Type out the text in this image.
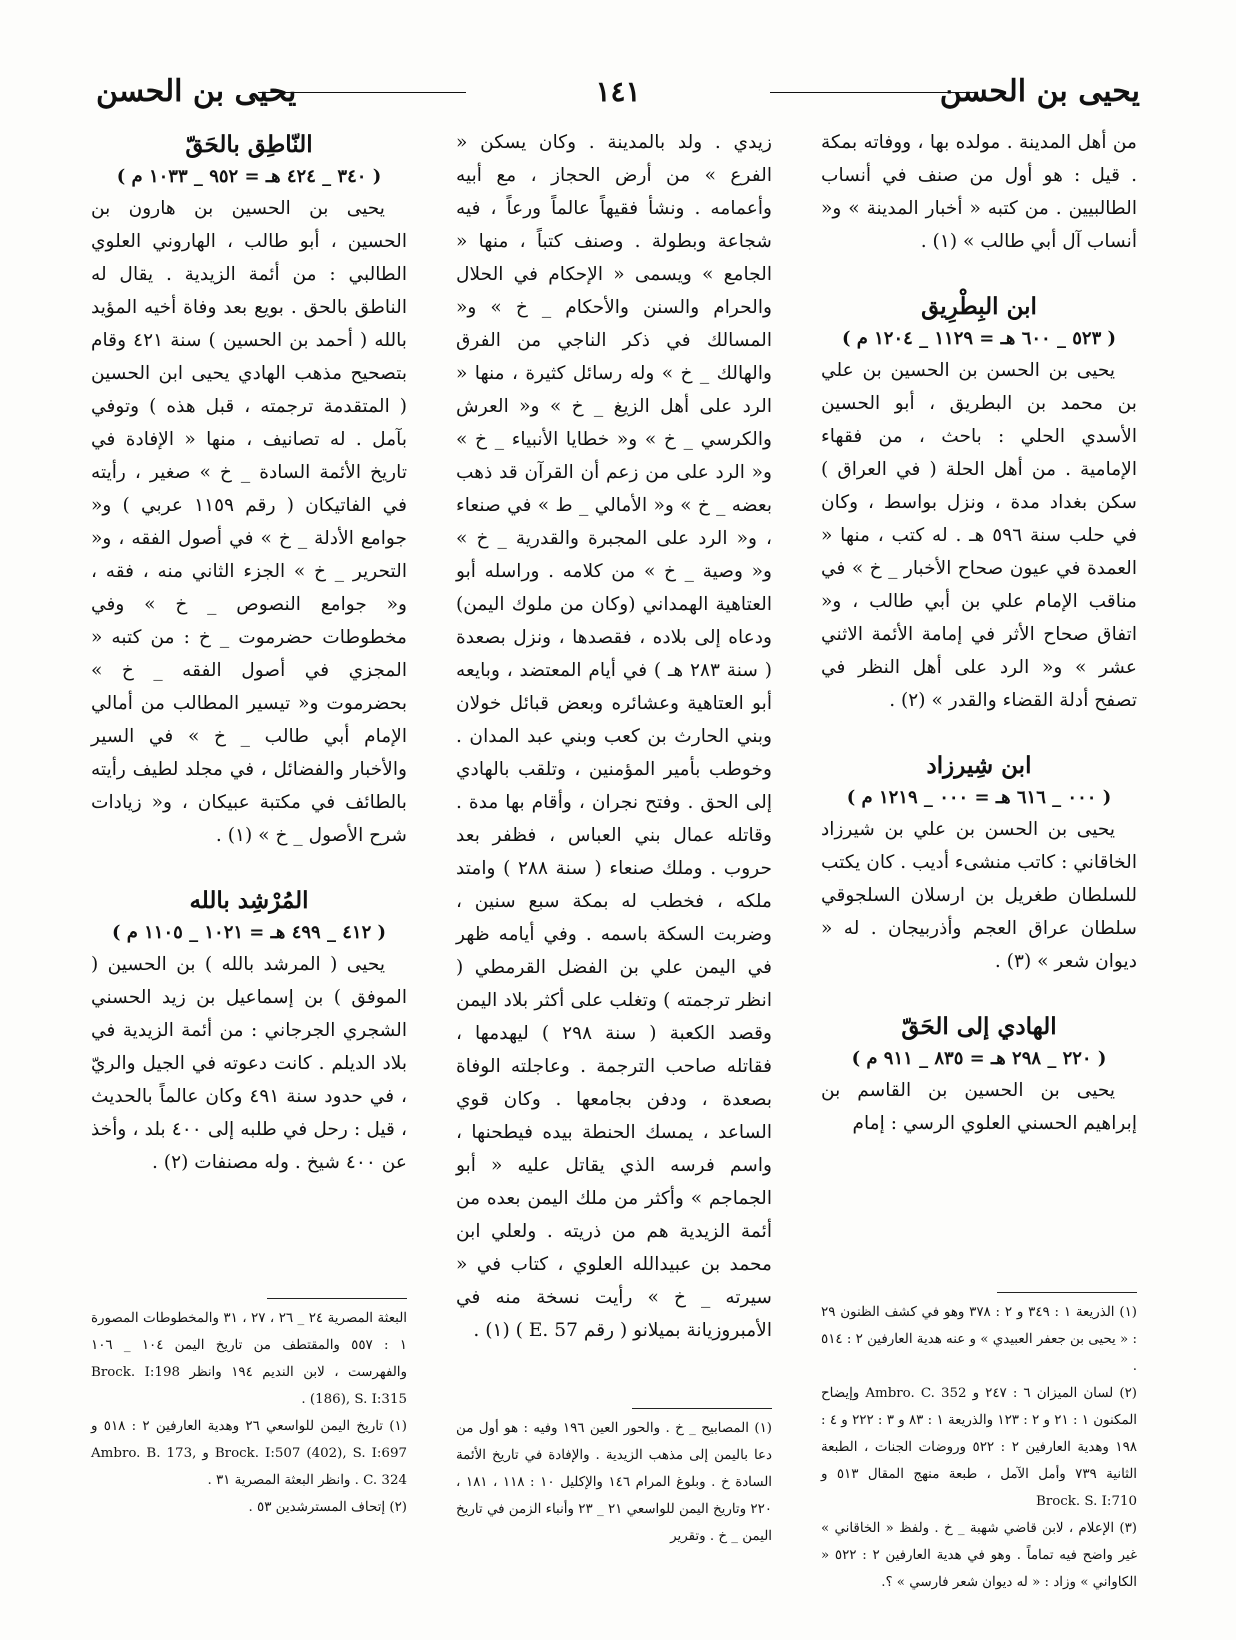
يحيى بن الحسن
١٤١
يحيى بن الحسن

من أهل المدينة . مولده بها ، ووفاته بمكة . قيل : هو أول من صنف في أنساب الطالبيين . من كتبه « أخبار المدينة » و« أنساب آل أبي طالب » (١) .

ابن البِطْرِيق

( ٥٢٣ _ ٦٠٠ هـ = ١١٢٩ _ ١٢٠٤ م )

يحيى بن الحسن بن الحسين بن علي بن محمد بن البطريق ، أبو الحسين الأسدي الحلي : باحث ، من فقهاء الإمامية . من أهل الحلة ( في العراق ) سكن بغداد مدة ، ونزل بواسط ، وكان في حلب سنة ٥٩٦ هـ . له كتب ، منها « العمدة في عيون صحاح الأخبار _ خ » في مناقب الإمام علي بن أبي طالب ، و« اتفاق صحاح الأثر في إمامة الأئمة الاثني عشر » و« الرد على أهل النظر في تصفح أدلة القضاء والقدر » (٢) .

ابن شِيرزاد

( ٠٠٠ _ ٦١٦ هـ = ٠٠٠ _ ١٢١٩ م )

يحيى بن الحسن بن علي بن شيرزاد الخاقاني : كاتب منشىء أديب . كان يكتب للسلطان طغريل بن ارسلان السلجوقي سلطان عراق العجم وأذربيجان . له « ديوان شعر » (٣) .

الهادي إلى الحَقّ

( ٢٢٠ _ ٢٩٨ هـ = ٨٣٥ _ ٩١١ م )

يحيى بن الحسين بن القاسم بن إبراهيم الحسني العلوي الرسي : إمام

(١) الذريعة ١ : ٣٤٩ و ٢ : ٣٧٨ وهو في كشف الظنون ٢٩ : « يحيى بن جعفر العبيدي » و عنه هدية العارفين ٢ : ٥١٤ .

(٢) لسان الميزان ٦ : ٢٤٧ و Ambro. C. 352 وإيضاح المكنون ١ : ٢١ و ٢ : ١٢٣ والذريعة ١ : ٨٣ و ٣ : ٢٢٢ و ٤ : ١٩٨ وهدية العارفين ٢ : ٥٢٢ وروضات الجنات ، الطبعة الثانية ٧٣٩ وأمل الآمل ، طبعة منهج المقال ٥١٣ و Brock. S. I:710

(٣) الإعلام ، لابن قاضي شهبة _ خ . ولفظ « الخاقاني » غير واضح فيه تماماً . وهو في هدية العارفين ٢ : ٥٢٢ « الكاواني » وزاد : « له ديوان شعر فارسي » ؟.

زيدي . ولد بالمدينة . وكان يسكن « الفرع » من أرض الحجاز ، مع أبيه وأعمامه . ونشأ فقيهاً عالماً ورعاً ، فيه شجاعة وبطولة . وصنف كتباً ، منها « الجامع » ويسمى « الإحكام في الحلال والحرام والسنن والأحكام _ خ » و« المسالك في ذكر الناجي من الفرق والهالك _ خ » وله رسائل كثيرة ، منها « الرد على أهل الزيغ _ خ » و« العرش والكرسي _ خ » و« خطايا الأنبياء _ خ » و« الرد على من زعم أن القرآن قد ذهب بعضه _ خ » و« الأمالي _ ط » في صنعاء ، و« الرد على المجبرة والقدرية _ خ » و« وصية _ خ » من كلامه . وراسله أبو العتاهية الهمداني (وكان من ملوك اليمن) ودعاه إلى بلاده ، فقصدها ، ونزل بصعدة ( سنة ٢٨٣ هـ ) في أيام المعتضد ، وبايعه أبو العتاهية وعشائره وبعض قبائل خولان وبني الحارث بن كعب وبني عبد المدان . وخوطب بأمير المؤمنين ، وتلقب بالهادي إلى الحق . وفتح نجران ، وأقام بها مدة . وقاتله عمال بني العباس ، فظفر بعد حروب . وملك صنعاء ( سنة ٢٨٨ ) وامتد ملكه ، فخطب له بمكة سبع سنين ، وضربت السكة باسمه . وفي أيامه ظهر في اليمن علي بن الفضل القرمطي ( انظر ترجمته ) وتغلب على أكثر بلاد اليمن وقصد الكعبة ( سنة ٢٩٨ ) ليهدمها ، فقاتله صاحب الترجمة . وعاجلته الوفاة بصعدة ، ودفن بجامعها . وكان قوي الساعد ، يمسك الحنطة بيده فيطحنها ، واسم فرسه الذي يقاتل عليه « أبو الجماجم » وأكثر من ملك اليمن بعده من أئمة الزيدية هم من ذريته . ولعلي ابن محمد بن عبيدالله العلوي ، كتاب في « سيرته _ خ » رأيت نسخة منه في الأمبروزيانة بميلانو ( رقم E. 57 ) (١) .

(١) المصابيح _ خ . والحور العين ١٩٦ وفيه : هو أول من دعا باليمن إلى مذهب الزيدية . والإفادة في تاريخ الأئمة السادة خ . وبلوغ المرام ١٤٦ والإكليل ١٠ : ١١٨ ، ١٨١ ، ٢٢٠ وتاريخ اليمن للواسعي ٢١ _ ٢٣ وأنباء الزمن في تاريخ اليمن _ خ . وتقرير

النّاطِق بالحَقّ

( ٣٤٠ _ ٤٢٤ هـ = ٩٥٢ _ ١٠٣٣ م )

يحيى بن الحسين بن هارون بن الحسين ، أبو طالب ، الهاروني العلوي الطالبي : من أئمة الزيدية . يقال له الناطق بالحق . بويع بعد وفاة أخيه المؤيد بالله ( أحمد بن الحسين ) سنة ٤٢١ وقام بتصحيح مذهب الهادي يحيى ابن الحسين ( المتقدمة ترجمته ، قبل هذه ) وتوفي بآمل . له تصانيف ، منها « الإفادة في تاريخ الأئمة السادة _ خ » صغير ، رأيته في الفاتيكان ( رقم ١١٥٩ عربي ) و« جوامع الأدلة _ خ » في أصول الفقه ، و« التحرير _ خ » الجزء الثاني منه ، فقه ، و« جوامع النصوص _ خ » وفي مخطوطات حضرموت _ خ : من كتبه « المجزي في أصول الفقه _ خ » بحضرموت و« تيسير المطالب من أمالي الإمام أبي طالب _ خ » في السير والأخبار والفضائل ، في مجلد لطيف رأيته بالطائف في مكتبة عبيكان ، و« زيادات شرح الأصول _ خ » (١) .

المُرْشِد بالله

( ٤١٢ _ ٤٩٩ هـ = ١٠٢١ _ ١١٠٥ م )

يحيى ( المرشد بالله ) بن الحسين ( الموفق ) بن إسماعيل بن زيد الحسني الشجري الجرجاني : من أئمة الزيدية في بلاد الديلم . كانت دعوته في الجيل والريّ ، في حدود سنة ٤٩١ وكان عالماً بالحديث ، قيل : رحل في طلبه إلى ٤٠٠ بلد ، وأخذ عن ٤٠٠ شيخ . وله مصنفات (٢) .

البعثة المصرية ٢٤ _ ٢٦ ، ٢٧ ، ٣١ والمخطوطات المصورة ١ : ٥٥٧ والمقتطف من تاريخ اليمن ١٠٤ _ ١٠٦ والفهرست ، لابن النديم ١٩٤ وانظر Brock. I:198 (186), S. I:315 .

(١) تاريخ اليمن للواسعي ٢٦ وهدية العارفين ٢ : ٥١٨ و Brock. I:507 (402), S. I:697 و Ambro. B. 173, C. 324 . وانظر البعثة المصرية ٣١ .

(٢) إتحاف المسترشدين ٥٣ .
